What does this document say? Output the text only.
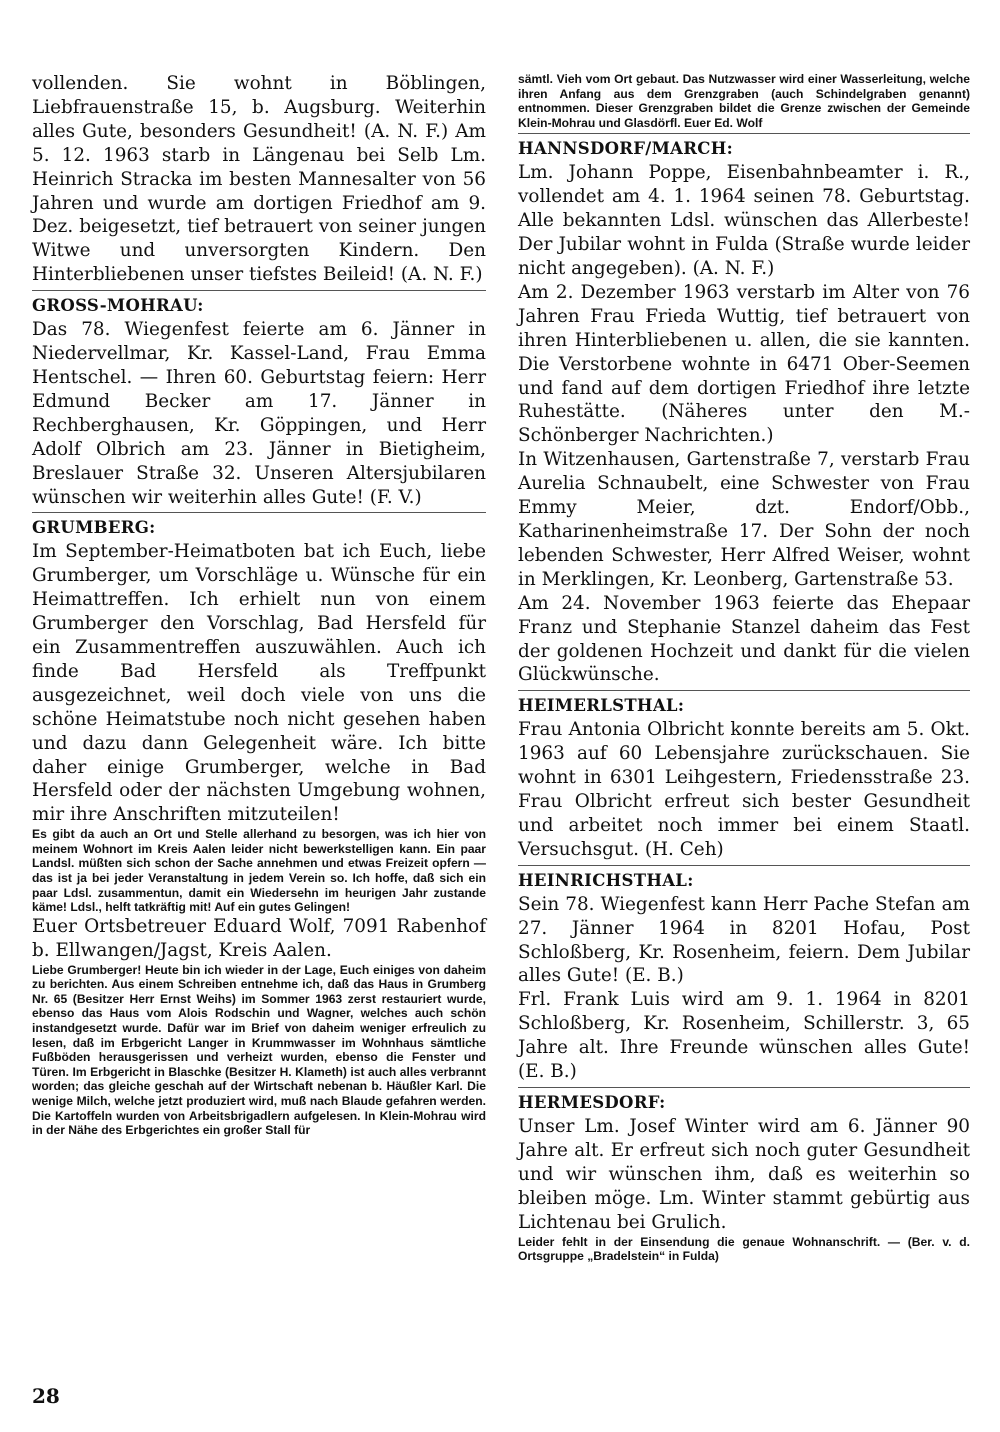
vollenden. Sie wohnt in Böblingen, Liebfrauenstraße 15, b. Augsburg. Weiterhin alles Gute, besonders Gesundheit! (A. N. F.) Am 5. 12. 1963 starb in Längenau bei Selb Lm. Heinrich Stracka im besten Mannesalter von 56 Jahren und wurde am dortigen Friedhof am 9. Dez. beigesetzt, tief betrauert von seiner jungen Witwe und unversorgten Kindern. Den Hinterbliebenen unser tiefstes Beileid! (A. N. F.)

GROSS-MOHRAU:

Das 78. Wiegenfest feierte am 6. Jänner in Niedervellmar, Kr. Kassel-Land, Frau Emma Hentschel. — Ihren 60. Geburtstag feiern: Herr Edmund Becker am 17. Jänner in Rechberghausen, Kr. Göppingen, und Herr Adolf Olbrich am 23. Jänner in Bietigheim, Breslauer Straße 32. Unseren Altersjubilaren wünschen wir weiterhin alles Gute! (F. V.)

GRUMBERG:

Im September-Heimatboten bat ich Euch, liebe Grumberger, um Vorschläge u. Wünsche für ein Heimattreffen. Ich erhielt nun von einem Grumberger den Vorschlag, Bad Hersfeld für ein Zusammentreffen auszuwählen. Auch ich finde Bad Hersfeld als Treffpunkt ausgezeichnet, weil doch viele von uns die schöne Heimatstube noch nicht gesehen haben und dazu dann Gelegenheit wäre. Ich bitte daher einige Grumberger, welche in Bad Hersfeld oder der nächsten Umgebung wohnen, mir ihre Anschriften mitzuteilen!

Es gibt da auch an Ort und Stelle allerhand zu besorgen, was ich hier von meinem Wohnort im Kreis Aalen leider nicht bewerkstelligen kann. Ein paar Landsl. müßten sich schon der Sache annehmen und etwas Freizeit opfern — das ist ja bei jeder Veranstaltung in jedem Verein so. Ich hoffe, daß sich ein paar Ldsl. zusammentun, damit ein Wiedersehn im heurigen Jahr zustande käme! Ldsl., helft tatkräftig mit! Auf ein gutes Gelingen!

Euer Ortsbetreuer Eduard Wolf, 7091 Rabenhof b. Ellwangen/Jagst, Kreis Aalen.

Liebe Grumberger! Heute bin ich wieder in der Lage, Euch einiges von daheim zu berichten. Aus einem Schreiben entnehme ich, daß das Haus in Grumberg Nr. 65 (Besitzer Herr Ernst Weihs) im Sommer 1963 zerst restauriert wurde, ebenso das Haus vom Alois Rodschin und Wagner, welches auch schön instandgesetzt wurde. Dafür war im Brief von daheim weniger erfreulich zu lesen, daß im Erbgericht Langer in Krummwasser im Wohnhaus sämtliche Fußböden herausgerissen und verheizt wurden, ebenso die Fenster und Türen. Im Erbgericht in Blaschke (Besitzer H. Klameth) ist auch alles verbrannt worden; das gleiche geschah auf der Wirtschaft nebenan b. Häußler Karl. Die wenige Milch, welche jetzt produziert wird, muß nach Blaude gefahren werden. Die Kartoffeln wurden von Arbeitsbrigadlern aufgelesen. In Klein-Mohrau wird in der Nähe des Erbgerichtes ein großer Stall für

sämtl. Vieh vom Ort gebaut. Das Nutzwasser wird einer Wasserleitung, welche ihren Anfang aus dem Grenzgraben (auch Schindelgraben genannt) entnommen. Dieser Grenzgraben bildet die Grenze zwischen der Gemeinde Klein-Mohrau und Glasdörfl. Euer Ed. Wolf

HANNSDORF/MARCH:

Lm. Johann Poppe, Eisenbahnbeamter i. R., vollendet am 4. 1. 1964 seinen 78. Geburtstag. Alle bekannten Ldsl. wünschen das Allerbeste! Der Jubilar wohnt in Fulda (Straße wurde leider nicht angegeben). (A. N. F.)

Am 2. Dezember 1963 verstarb im Alter von 76 Jahren Frau Frieda Wuttig, tief betrauert von ihren Hinterbliebenen u. allen, die sie kannten. Die Verstorbene wohnte in 6471 Ober-Seemen und fand auf dem dortigen Friedhof ihre letzte Ruhestätte. (Näheres unter den M.-Schönberger Nachrichten.)

In Witzenhausen, Gartenstraße 7, verstarb Frau Aurelia Schnaubelt, eine Schwester von Frau Emmy Meier, dzt. Endorf/Obb., Katharinenheimstraße 17. Der Sohn der noch lebenden Schwester, Herr Alfred Weiser, wohnt in Merklingen, Kr. Leonberg, Gartenstraße 53.

Am 24. November 1963 feierte das Ehepaar Franz und Stephanie Stanzel daheim das Fest der goldenen Hochzeit und dankt für die vielen Glückwünsche.

HEIMERLSTHAL:

Frau Antonia Olbricht konnte bereits am 5. Okt. 1963 auf 60 Lebensjahre zurückschauen. Sie wohnt in 6301 Leihgestern, Friedensstraße 23. Frau Olbricht erfreut sich bester Gesundheit und arbeitet noch immer bei einem Staatl. Versuchsgut. (H. Ceh)

HEINRICHSTHAL:

Sein 78. Wiegenfest kann Herr Pache Stefan am 27. Jänner 1964 in 8201 Hofau, Post Schloßberg, Kr. Rosenheim, feiern. Dem Jubilar alles Gute! (E. B.)

Frl. Frank Luis wird am 9. 1. 1964 in 8201 Schloßberg, Kr. Rosenheim, Schillerstr. 3, 65 Jahre alt. Ihre Freunde wünschen alles Gute! (E. B.)

HERMESDORF:

Unser Lm. Josef Winter wird am 6. Jänner 90 Jahre alt. Er erfreut sich noch guter Gesundheit und wir wünschen ihm, daß es weiterhin so bleiben möge. Lm. Winter stammt gebürtig aus Lichtenau bei Grulich.

Leider fehlt in der Einsendung die genaue Wohnanschrift. — (Ber. v. d. Ortsgruppe „Bradelstein“ in Fulda)

28
